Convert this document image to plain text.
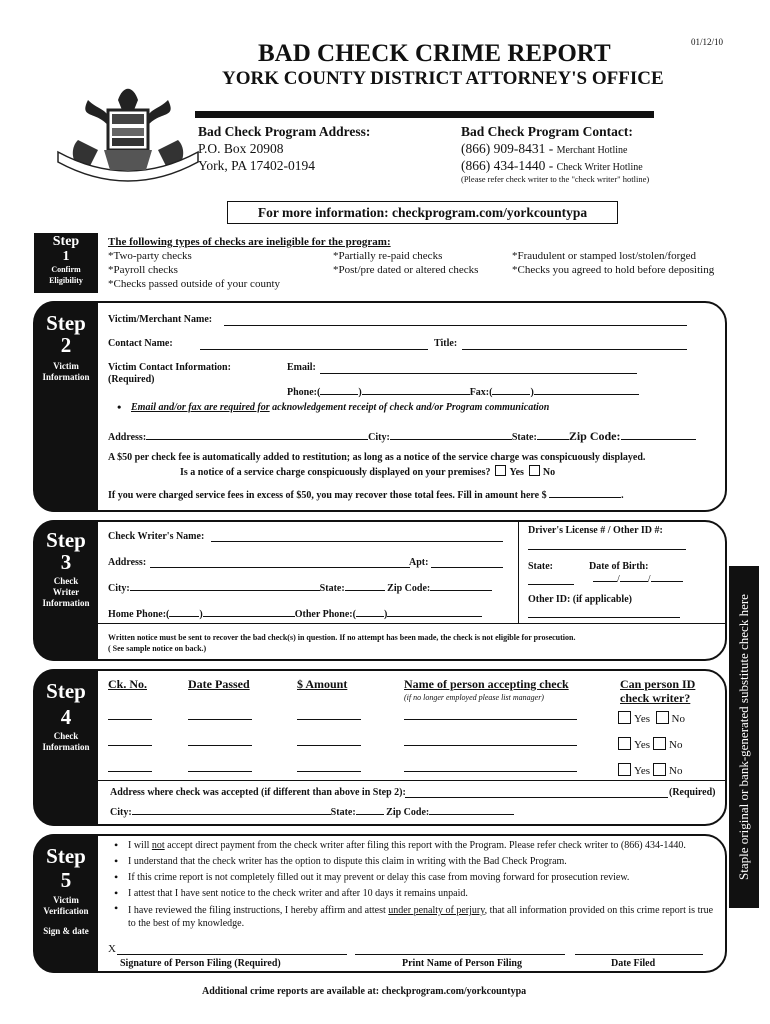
01/12/10
BAD CHECK CRIME REPORT
YORK COUNTY DISTRICT ATTORNEY'S OFFICE
Bad Check Program Address:
P.O. Box 20908
York, PA 17402-0194
Bad Check Program Contact:
(866) 909-8431 - Merchant Hotline
(866) 434-1440 - Check Writer Hotline
(Please refer check writer to the "check writer" hotline)
For more information: checkprogram.com/yorkcountypa
Step
1
Confirm
Eligibility
The following types of checks are ineligible for the program:
*Two-party checks
*Payroll checks
*Checks passed outside of your county
*Partially re-paid checks
*Post/pre dated or altered checks
*Fraudulent or stamped lost/stolen/forged
*Checks you agreed to hold before depositing
Step
2
Victim
Information
Victim/Merchant Name:
Contact Name:	Title:
Victim Contact Information:
(Required)
Email:
Phone:(	)	Fax:(	)
• Email and/or fax are required for acknowledgement receipt of check and/or Program communication
Address:	City:	State:	Zip Code:
A $50 per check fee is automatically added to restitution; as long as a notice of the service charge was conspicuously displayed.
Is a notice of a service charge conspicuously displayed on your premises? Yes No
If you were charged service fees in excess of $50, you may recover those total fees. Fill in amount here $	.
Step
3
Check
Writer
Information
Check Writer's Name:
Driver's License # / Other ID #:
Address:	Apt:	State:	Date of Birth:
/	/
Other ID: (if applicable)
City:	State:	Zip Code:
Home Phone:(	)	Other Phone:(	)
Written notice must be sent to recover the bad check(s) in question. If no attempt has been made, the check is not eligible for prosecution.
( See sample notice on back.)
Step
4
Check
Information
Ck. No.	Date Passed	$ Amount	Name of person accepting check
(if no longer employed please list manager)
Can person ID
check writer?
Yes No
Yes No
Yes No
Address where check was accepted (if different than above in Step 2):	(Required)
City:	State:	Zip Code:
Step
5
Victim
Verification
Sign & date
• I will not accept direct payment from the check writer after filing this report with the Program. Please refer check writer to (866) 434-1440.
• I understand that the check writer has the option to dispute this claim in writing with the Bad Check Program.
• If this crime report is not completely filled out it may prevent or delay this case from moving forward for prosecution review.
• I attest that I have sent notice to the check writer and after 10 days it remains unpaid.
• I have reviewed the filing instructions, I hereby affirm and attest under penalty of perjury, that all information provided on this crime report is true to the best of my knowledge.
X
Signature of Person Filing (Required)	Print Name of Person Filing	Date Filed
Staple original or bank-generated substitute check here
Additional crime reports are available at: checkprogram.com/yorkcountypa
